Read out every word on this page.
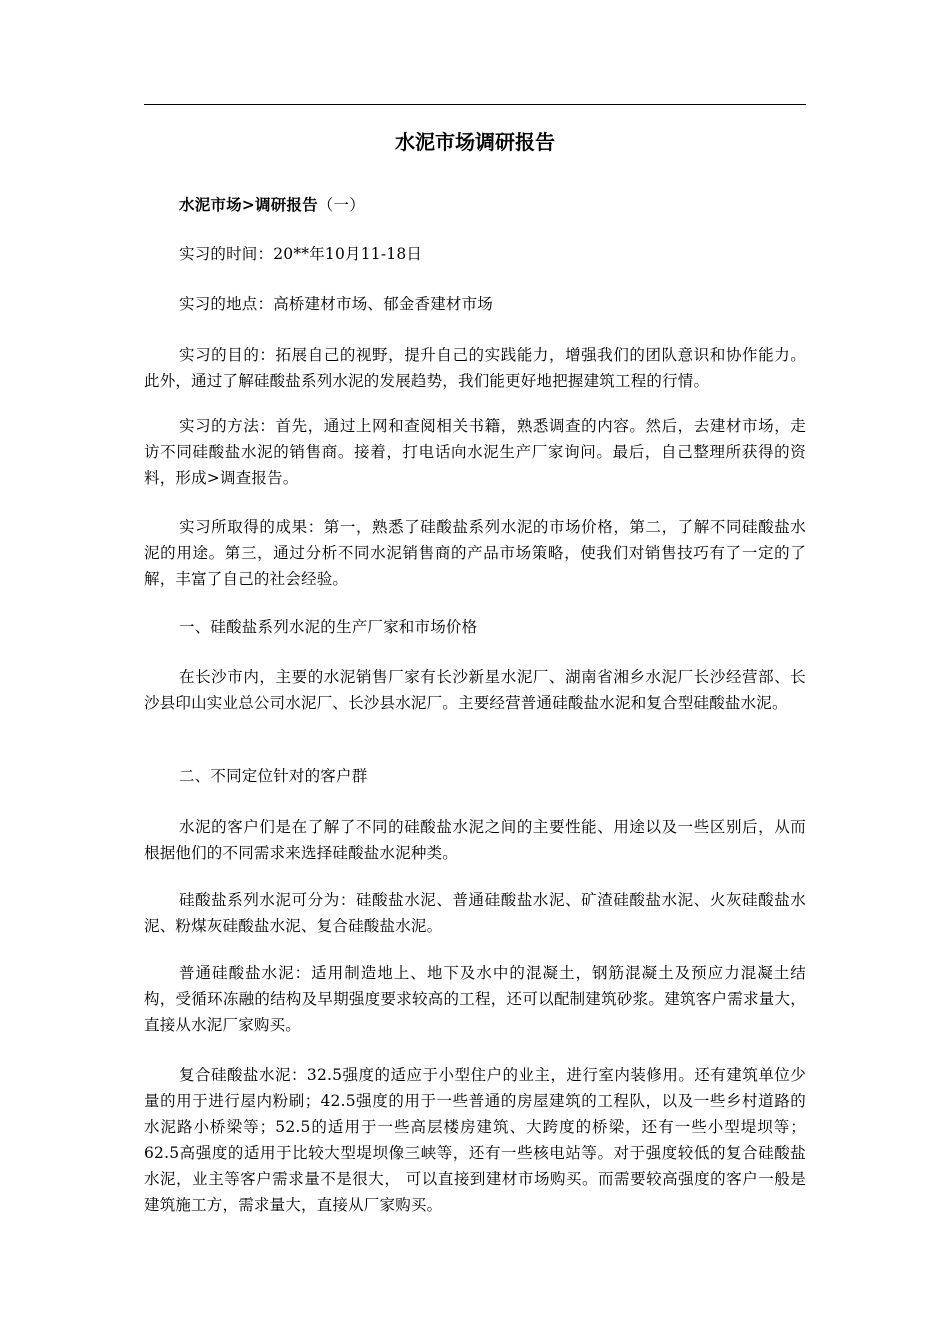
水泥市场调研报告

水泥市场>调研报告（一）

实习的时间：20**年10月11-18日

实习的地点：高桥建材市场、郁金香建材市场

实习的目的：拓展自己的视野，提升自己的实践能力，增强我们的团队意识和协作能力。此外，通过了解硅酸盐系列水泥的发展趋势，我们能更好地把握建筑工程的行情。

实习的方法：首先，通过上网和查阅相关书籍，熟悉调查的内容。然后，去建材市场，走访不同硅酸盐水泥的销售商。接着，打电话向水泥生产厂家询问。最后，自己整理所获得的资料，形成>调查报告。

实习所取得的成果：第一，熟悉了硅酸盐系列水泥的市场价格，第二，了解不同硅酸盐水泥的用途。第三，通过分析不同水泥销售商的产品市场策略，使我们对销售技巧有了一定的了解，丰富了自己的社会经验。

一、硅酸盐系列水泥的生产厂家和市场价格

在长沙市内，主要的水泥销售厂家有长沙新星水泥厂、湖南省湘乡水泥厂长沙经营部、长沙县印山实业总公司水泥厂、长沙县水泥厂。主要经营普通硅酸盐水泥和复合型硅酸盐水泥。

二、不同定位针对的客户群

水泥的客户们是在了解了不同的硅酸盐水泥之间的主要性能、用途以及一些区别后，从而根据他们的不同需求来选择硅酸盐水泥种类。

硅酸盐系列水泥可分为：硅酸盐水泥、普通硅酸盐水泥、矿渣硅酸盐水泥、火灰硅酸盐水泥、粉煤灰硅酸盐水泥、复合硅酸盐水泥。

普通硅酸盐水泥：适用制造地上、地下及水中的混凝土，钢筋混凝土及预应力混凝土结构，受循环冻融的结构及早期强度要求较高的工程，还可以配制建筑砂浆。建筑客户需求量大，直接从水泥厂家购买。

复合硅酸盐水泥：32.5强度的适应于小型住户的业主，进行室内装修用。还有建筑单位少量的用于进行屋内粉刷；42.5强度的用于一些普通的房屋建筑的工程队，以及一些乡村道路的水泥路小桥梁等；52.5的适用于一些高层楼房建筑、大跨度的桥梁，还有一些小型堤坝等；62.5高强度的适用于比较大型堤坝像三峡等，还有一些核电站等。对于强度较低的复合硅酸盐水泥，业主等客户需求量不是很大， 可以直接到建材市场购买。而需要较高强度的客户一般是建筑施工方，需求量大，直接从厂家购买。
